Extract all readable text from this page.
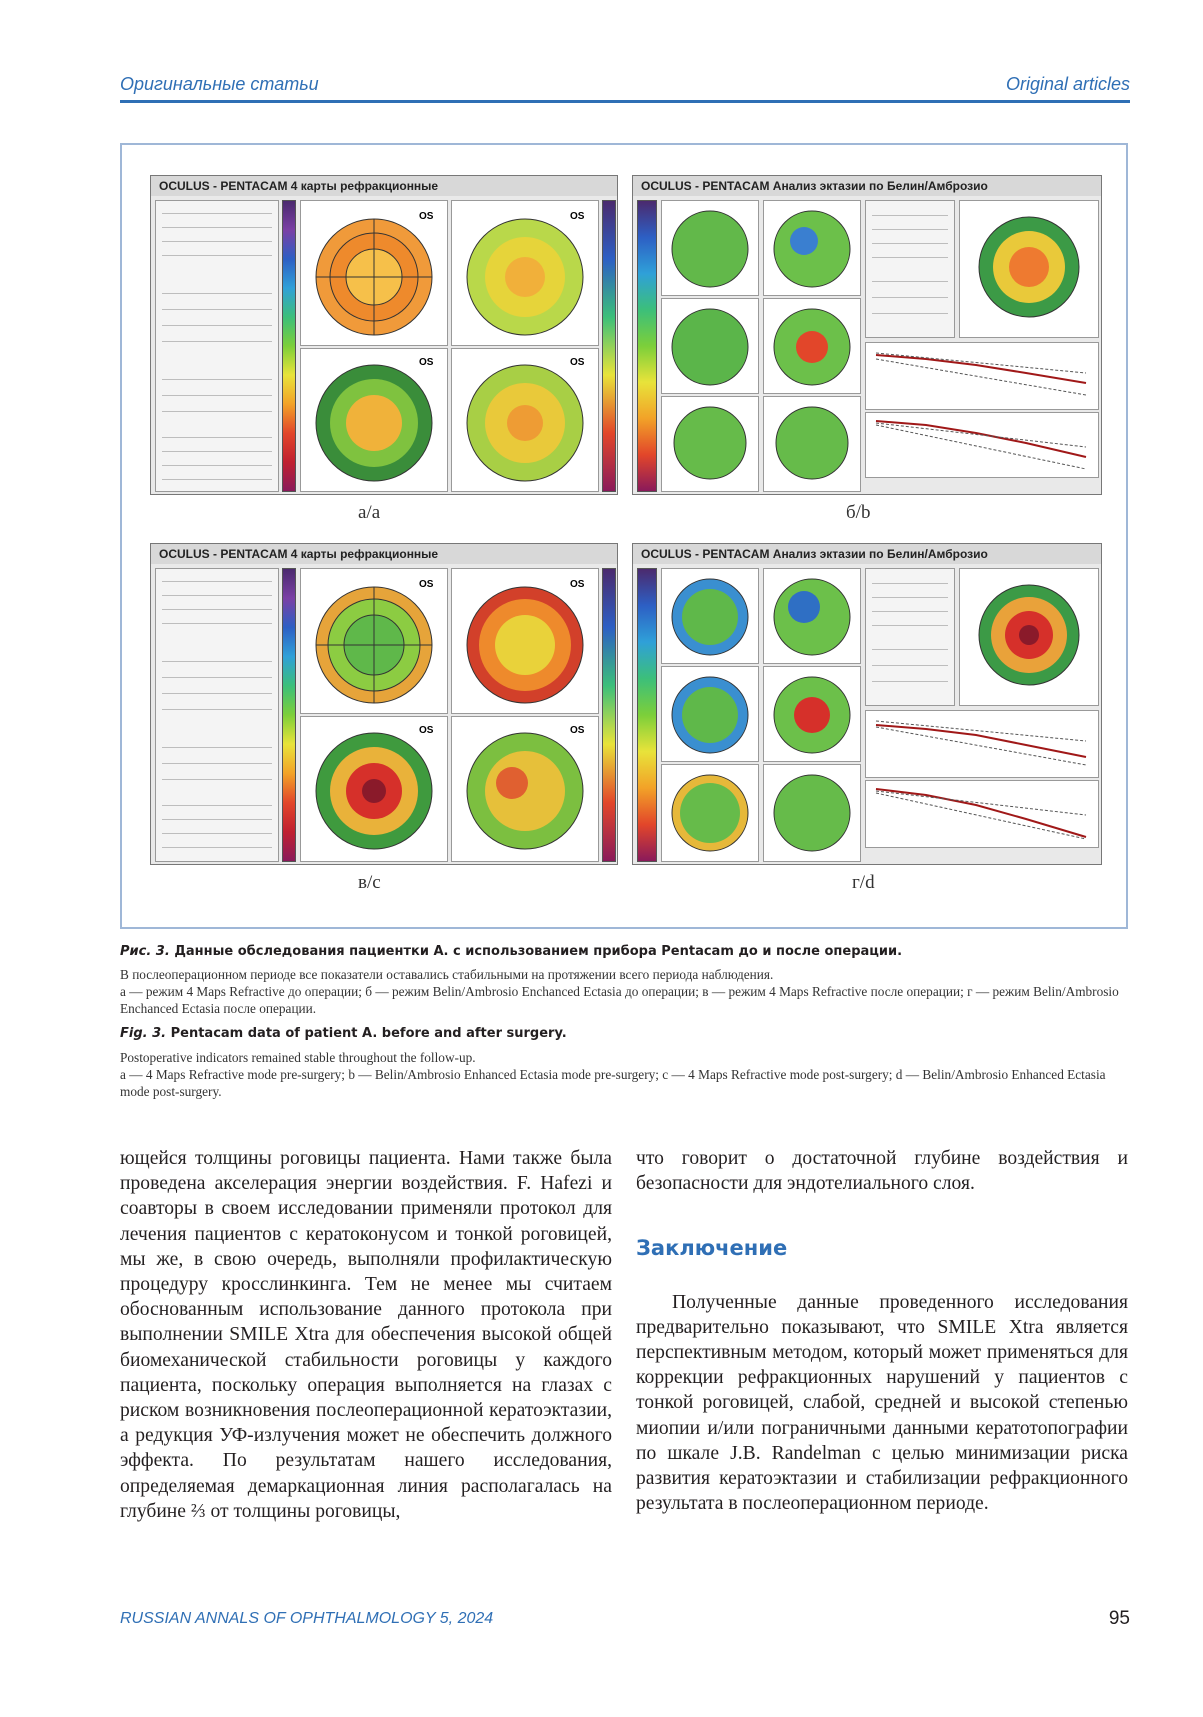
Оригинальные статьи	Original articles
OCULUS - PENTACAM 4 карты рефракционные
OS	OS
OS	OS
а/а
OCULUS - PENTACAM Анализ эктазии по Белин/Амброзио
б/b
OCULUS - PENTACAM 4 карты рефракционные
OS	OS
OS	OS
в/с
OCULUS - PENTACAM Анализ эктазии по Белин/Амброзио
г/d
Рис. 3. Данные обследования пациентки А. с использованием прибора Pentacam до и после операции.
В послеоперационном периоде все показатели оставались стабильными на протяжении всего периода наблюдения.
а — режим 4 Maps Refractive до операции; б — режим Belin/Ambrosio Enchanced Ectasia до операции; в — режим 4 Maps Refractive после операции; г — режим Belin/Ambrosio Enchanced Ectasia после операции.
Fig. 3. Pentacam data of patient A. before and after surgery.
Postoperative indicators remained stable throughout the follow-up.
a — 4 Maps Refractive mode pre-surgery; b — Belin/Ambrosio Enhanced Ectasia mode pre-surgery; c — 4 Maps Refractive mode post-surgery; d — Belin/Ambrosio Enhanced Ectasia mode post-surgery.

ющейся толщины роговицы пациента. Нами также была проведена акселерация энергии воздействия. F. Hafezi и соавторы в своем исследовании применяли протокол для лечения пациентов с кератоконусом и тонкой роговицей, мы же, в свою очередь, выполняли профилактическую процедуру кросслинкинга. Тем не менее мы считаем обоснованным использование данного протокола при выполнении SMILE Xtra для обеспечения высокой общей биомеханической стабильности роговицы у каждого пациента, поскольку операция выполняется на глазах с риском возникновения послеоперационной кератоэктазии, а редукция УФ-излучения может не обеспечить должного эффекта. По результатам нашего исследования, определяемая демаркационная линия располагалась на глубине ⅔ от толщины роговицы,

что говорит о достаточной глубине воздействия и безопасности для эндотелиального слоя.

Заключение

Полученные данные проведенного исследования предварительно показывают, что SMILE Xtra является перспективным методом, который может применяться для коррекции рефракционных нарушений у пациентов с тонкой роговицей, слабой, средней и высокой степенью миопии и/или пограничными данными кератотопографии по шкале J.B. Randelman с целью минимизации риска развития кератоэктазии и стабилизации рефракционного результата в послеоперационном периоде.

RUSSIAN ANNALS OF OPHTHALMOLOGY 5, 2024	95
